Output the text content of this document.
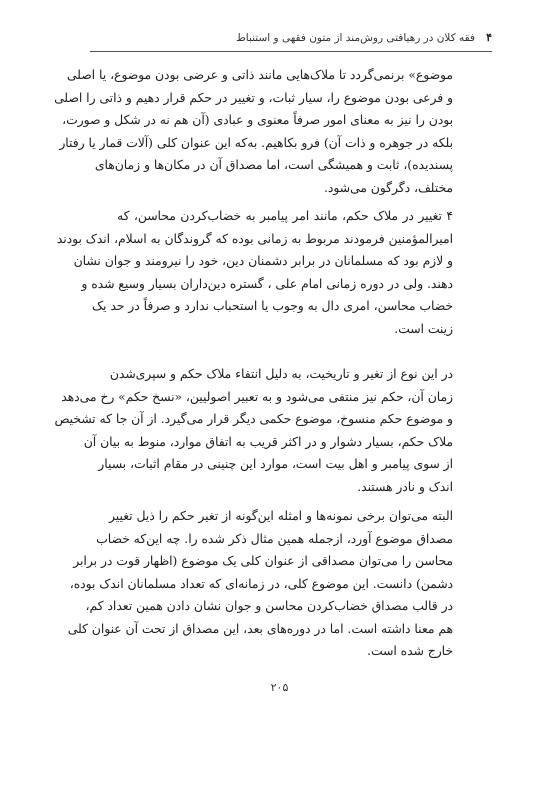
فقه کلان در رهیافتی روش‌مند از متون فقهی و استنباط ۴
موضوع» برنمی‌گردد تا ملاک‌هایی مانند ذاتی و عرضی بودن موضوع، یا اصلی
و فرعی بودن موضوع را، سیار ثبات، و تغییر در حکم قرار دهیم و ذاتی را اصلی
بودن را نیز به معنای امور صرفاً معنوی و عبادی (آن هم نه در شکل و صورت،
بلکه در جوهره و ذات آن) فرو بکاهیم. به‌که این عنوان کلی (آلات قمار یا رفتار
پسندیده)، ثابت و همیشگی است، اما مصداق آن در مکان‌ها و زمان‌های
مختلف، دگرگون می‌شود.
۴ تغییر در ملاک حکم، مانند امر پیامبر به خضاب‌کردن محاسن، که
امیرالمؤمنین فرمودند مربوط به زمانی بوده که گروندگان به اسلام، اندک بودند
و لازم بود که مسلمانان در برابر دشمنان دین، خود را نیرومند و جوان نشان
دهند. ولی در دوره زمانی امام علی ، گستره دین‌داران بسیار وسیع شده و
خضاب محاسن، امری دال به وجوب یا استحباب ندارد و صرفاً در حد یک
زینت است.
در این نوع از تغیر و تاریخیت، به دلیل انتفاء ملاک حکم و سپری‌شدن
زمان آن، حکم نیز منتفی می‌شود و به تعبیر اصولیین، «نسخ حکم» رخ می‌دهد
و موضوع حکم منسوخ، موضوع حکمی دیگر قرار می‌گیرد. از آن جا که تشخیص
ملاک حکم، بسیار دشوار و در اکثر قریب به اتفاق موارد، منوط به بیان آن
از سوی پیامبر و اهل بیت است، موارد این چنینی در مقام اثبات، بسیار
اندک و نادر هستند.
البته می‌توان برخی نمونه‌ها و امثله این‌گونه از تغیر حکم را ذیل تغییر
مصداق موضوع آورد، ازجمله همین مثال ذکر شده را. چه این‌که خضاب
محاسن را می‌توان مصداقی از عنوان کلی یک موضوع (اظهار قوت در برابر
دشمن) دانست. این موضوع کلی، در زمانه‌ای که تعداد مسلمانان اندک بوده،
در قالب مصداق خضاب‌کردن محاسن و جوان نشان دادن همین تعداد کم،
هم معنا داشته است. اما در دوره‌های بعد، این مصداق از تحت آن عنوان کلی
خارج شده است.
۲۰۵
